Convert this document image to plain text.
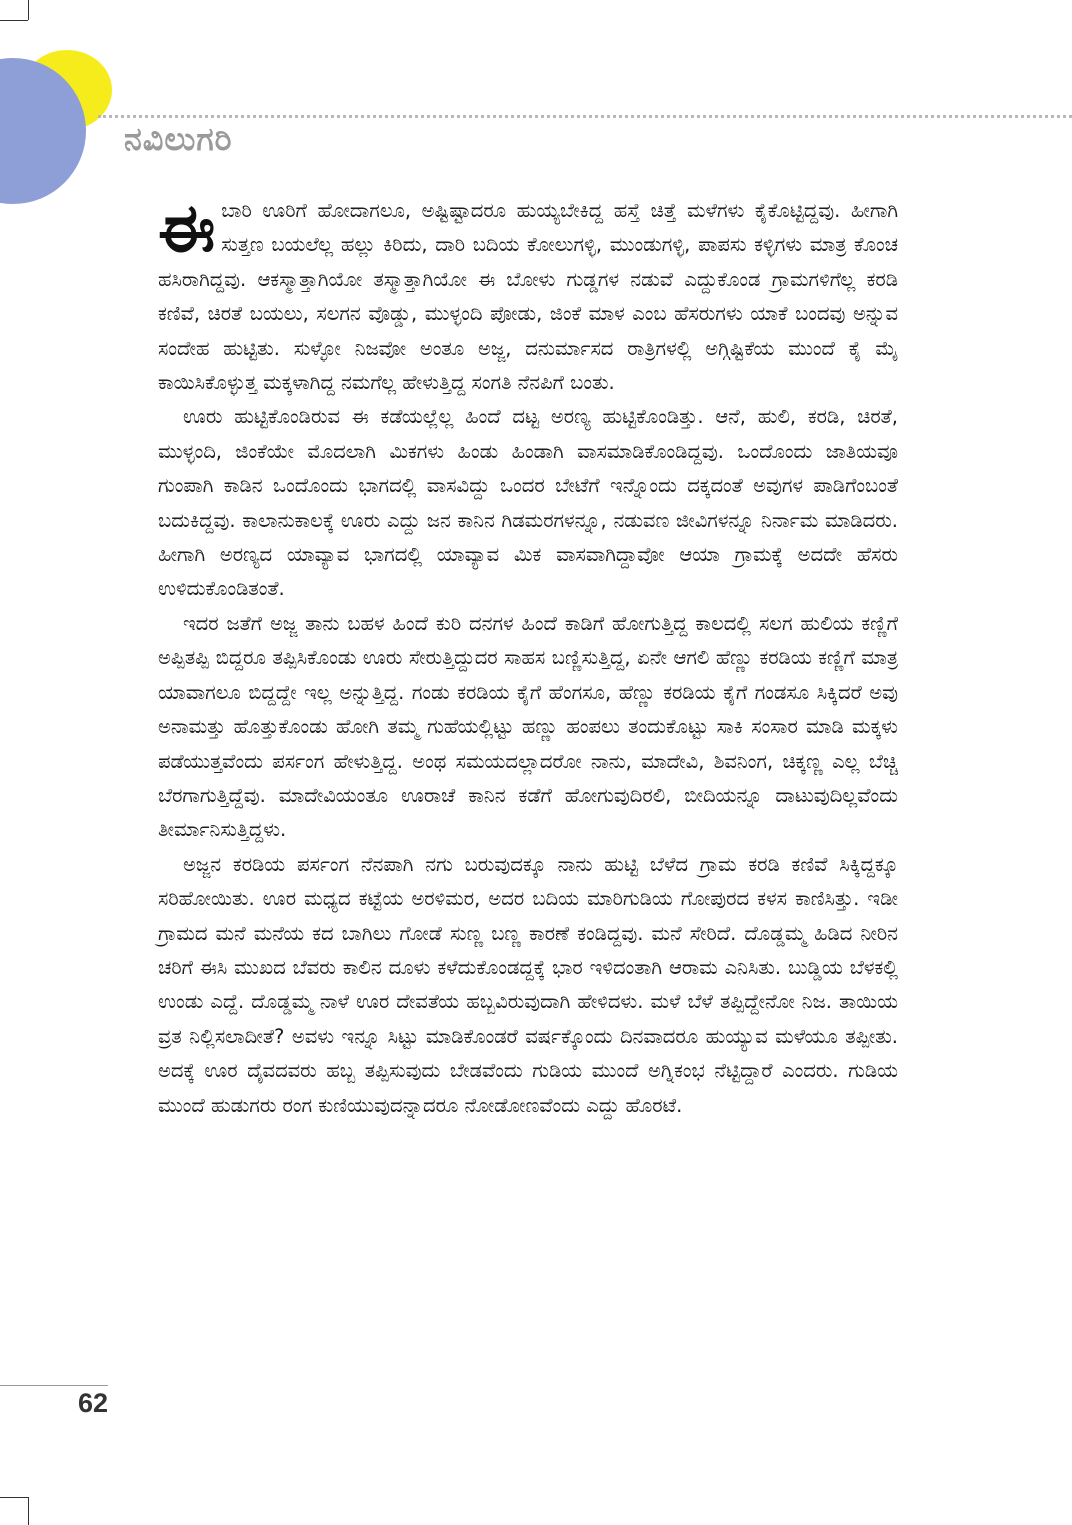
ನವಿಲುಗರಿ

ಈಬಾರಿ ಊರಿಗೆ ಹೋದಾಗಲೂ, ಅಷ್ಟಿಷ್ಟಾದರೂ ಹುಯ್ಯಬೇಕಿದ್ದ ಹಸ್ತೆ ಚಿತ್ತೆ ಮಳೆಗಳು ಕೈಕೊಟ್ಟಿದ್ದವು. ಹೀಗಾಗಿ ಸುತ್ತಣ ಬಯಲೆಲ್ಲ ಹಲ್ಲು ಕಿರಿದು, ದಾರಿ ಬದಿಯ ಕೋಲುಗಳ್ಳಿ, ಮುಂಡುಗಳ್ಳಿ, ಪಾಪಸು ಕಳ್ಳಿಗಳು ಮಾತ್ರ ಕೊಂಚ ಹಸಿರಾಗಿದ್ದವು. ಆಕಸ್ಮಾತ್ತಾಗಿಯೋ ತಸ್ಮಾತ್ತಾಗಿಯೋ ಈ ಬೋಳು ಗುಡ್ಡಗಳ ನಡುವೆ ಎದ್ದುಕೊಂಡ ಗ್ರಾಮಗಳಿಗೆಲ್ಲ ಕರಡಿ ಕಣಿವೆ, ಚಿರತೆ ಬಯಲು, ಸಲಗನ ವೊಡ್ಡು, ಮುಳ್ಳಂದಿ ಪೋಡು, ಜಿಂಕೆ ಮಾಳ ಎಂಬ ಹೆಸರುಗಳು ಯಾಕೆ ಬಂದವು ಅನ್ನುವ ಸಂದೇಹ ಹುಟ್ಟಿತು. ಸುಳ್ಳೋ ನಿಜವೋ ಅಂತೂ ಅಜ್ಜ, ದನುರ್ಮಾಸದ ರಾತ್ರಿಗಳಲ್ಲಿ ಅಗ್ಗಿಷ್ಟಿಕೆಯ ಮುಂದೆ ಕೈ ಮೈ ಕಾಯಿಸಿಕೊಳ್ಳುತ್ತ ಮಕ್ಕಳಾಗಿದ್ದ ನಮಗೆಲ್ಲ ಹೇಳುತ್ತಿದ್ದ ಸಂಗತಿ ನೆನಪಿಗೆ ಬಂತು.

ಊರು ಹುಟ್ಟಿಕೊಂಡಿರುವ ಈ ಕಡೆಯಲ್ಲೆಲ್ಲ ಹಿಂದೆ ದಟ್ಟ ಅರಣ್ಯ ಹುಟ್ಟಿಕೊಂಡಿತ್ತು. ಆನೆ, ಹುಲಿ, ಕರಡಿ, ಚಿರತೆ, ಮುಳ್ಳಂದಿ, ಜಿಂಕೆಯೇ ಮೊದಲಾಗಿ ಮಿಕಗಳು ಹಿಂಡು ಹಿಂಡಾಗಿ ವಾಸಮಾಡಿಕೊಂಡಿದ್ದವು. ಒಂದೊಂದು ಜಾತಿಯವೂ ಗುಂಪಾಗಿ ಕಾಡಿನ ಒಂದೊಂದು ಭಾಗದಲ್ಲಿ ವಾಸವಿದ್ದು ಒಂದರ ಬೇಟೆಗೆ ಇನ್ನೊಂದು ದಕ್ಕದಂತೆ ಅವುಗಳ ಪಾಡಿಗೆಂಬಂತೆ ಬದುಕಿದ್ದವು. ಕಾಲಾನುಕಾಲಕ್ಕೆ ಊರು ಎದ್ದು ಜನ ಕಾನಿನ ಗಿಡಮರಗಳನ್ನೂ, ನಡುವಣ ಜೀವಿಗಳನ್ನೂ ನಿರ್ನಾಮ ಮಾಡಿದರು. ಹೀಗಾಗಿ ಅರಣ್ಯದ ಯಾವ್ಯಾವ ಭಾಗದಲ್ಲಿ ಯಾವ್ಯಾವ ಮಿಕ ವಾಸವಾಗಿದ್ದಾವೋ ಆಯಾ ಗ್ರಾಮಕ್ಕೆ ಅದದೇ ಹೆಸರು ಉಳಿದುಕೊಂಡಿತಂತೆ.

ಇದರ ಜತೆಗೆ ಅಜ್ಜ ತಾನು ಬಹಳ ಹಿಂದೆ ಕುರಿ ದನಗಳ ಹಿಂದೆ ಕಾಡಿಗೆ ಹೋಗುತ್ತಿದ್ದ ಕಾಲದಲ್ಲಿ ಸಲಗ ಹುಲಿಯ ಕಣ್ಣಿಗೆ ಅಪ್ಪಿತಪ್ಪಿ ಬಿದ್ದರೂ ತಪ್ಪಿಸಿಕೊಂಡು ಊರು ಸೇರುತ್ತಿದ್ದುದರ ಸಾಹಸ ಬಣ್ಣಿಸುತ್ತಿದ್ದ, ಏನೇ ಆಗಲಿ ಹೆಣ್ಣು ಕರಡಿಯ ಕಣ್ಣಿಗೆ ಮಾತ್ರ ಯಾವಾಗಲೂ ಬಿದ್ದದ್ದೇ ಇಲ್ಲ ಅನ್ನುತ್ತಿದ್ದ. ಗಂಡು ಕರಡಿಯ ಕೈಗೆ ಹೆಂಗಸೂ, ಹೆಣ್ಣು ಕರಡಿಯ ಕೈಗೆ ಗಂಡಸೂ ಸಿಕ್ಕಿದರೆ ಅವು ಅನಾಮತ್ತು ಹೊತ್ತುಕೊಂಡು ಹೋಗಿ ತಮ್ಮ ಗುಹೆಯಲ್ಲಿಟ್ಟು ಹಣ್ಣು ಹಂಪಲು ತಂದುಕೊಟ್ಟು ಸಾಕಿ ಸಂಸಾರ ಮಾಡಿ ಮಕ್ಕಳು ಪಡೆಯುತ್ತವೆಂದು ಪರ್ಸಂಗ ಹೇಳುತ್ತಿದ್ದ. ಅಂಥ ಸಮಯದಲ್ಲಾದರೋ ನಾನು, ಮಾದೇವಿ, ಶಿವನಿಂಗ, ಚಿಕ್ಕಣ್ಣ ಎಲ್ಲ ಬೆಚ್ಚಿ ಬೆರಗಾಗುತ್ತಿದ್ದೆವು. ಮಾದೇವಿಯಂತೂ ಊರಾಚೆ ಕಾನಿನ ಕಡೆಗೆ ಹೋಗುವುದಿರಲಿ, ಬೀದಿಯನ್ನೂ ದಾಟುವುದಿಲ್ಲವೆಂದು ತೀರ್ಮಾನಿಸುತ್ತಿದ್ದಳು.

ಅಜ್ಜನ ಕರಡಿಯ ಪರ್ಸಂಗ ನೆನಪಾಗಿ ನಗು ಬರುವುದಕ್ಕೂ ನಾನು ಹುಟ್ಟಿ ಬೆಳೆದ ಗ್ರಾಮ ಕರಡಿ ಕಣಿವೆ ಸಿಕ್ಕಿದ್ದಕ್ಕೂ ಸರಿಹೋಯಿತು. ಊರ ಮಧ್ಯದ ಕಟ್ಟೆಯ ಅರಳಿಮರ, ಅದರ ಬದಿಯ ಮಾರಿಗುಡಿಯ ಗೋಪುರದ ಕಳಸ ಕಾಣಿಸಿತ್ತು. ಇಡೀ ಗ್ರಾಮದ ಮನೆ ಮನೆಯ ಕದ ಬಾಗಿಲು ಗೋಡೆ ಸುಣ್ಣ ಬಣ್ಣ ಕಾರಣೆ ಕಂಡಿದ್ದವು. ಮನೆ ಸೇರಿದೆ. ದೊಡ್ಡಮ್ಮ ಹಿಡಿದ ನೀರಿನ ಚರಿಗೆ ಈಸಿ ಮುಖದ ಬೆವರು ಕಾಲಿನ ದೂಳು ಕಳೆದುಕೊಂಡದ್ದಕ್ಕೆ ಭಾರ ಇಳಿದಂತಾಗಿ ಆರಾಮ ಎನಿಸಿತು. ಬುಡ್ಡಿಯ ಬೆಳಕಲ್ಲಿ ಉಂಡು ಎದ್ದೆ. ದೊಡ್ಡಮ್ಮ ನಾಳೆ ಊರ ದೇವತೆಯ ಹಬ್ಬವಿರುವುದಾಗಿ ಹೇಳಿದಳು. ಮಳೆ ಬೆಳೆ ತಪ್ಪಿದ್ದೇನೋ ನಿಜ. ತಾಯಿಯ ವ್ರತ ನಿಲ್ಲಿಸಲಾದೀತೆ? ಅವಳು ಇನ್ನೂ ಸಿಟ್ಟು ಮಾಡಿಕೊಂಡರೆ ವರ್ಷಕ್ಕೊಂದು ದಿನವಾದರೂ ಹುಯ್ಯುವ ಮಳೆಯೂ ತಪ್ಪೀತು. ಅದಕ್ಕೆ ಊರ ದೈವದವರು ಹಬ್ಬ ತಪ್ಪಿಸುವುದು ಬೇಡವೆಂದು ಗುಡಿಯ ಮುಂದೆ ಅಗ್ನಿಕಂಭ ನೆಟ್ಟಿದ್ದಾರೆ ಎಂದರು. ಗುಡಿಯ ಮುಂದೆ ಹುಡುಗರು ರಂಗ ಕುಣಿಯುವುದನ್ನಾದರೂ ನೋಡೋಣವೆಂದು ಎದ್ದು ಹೊರಟೆ.

62
